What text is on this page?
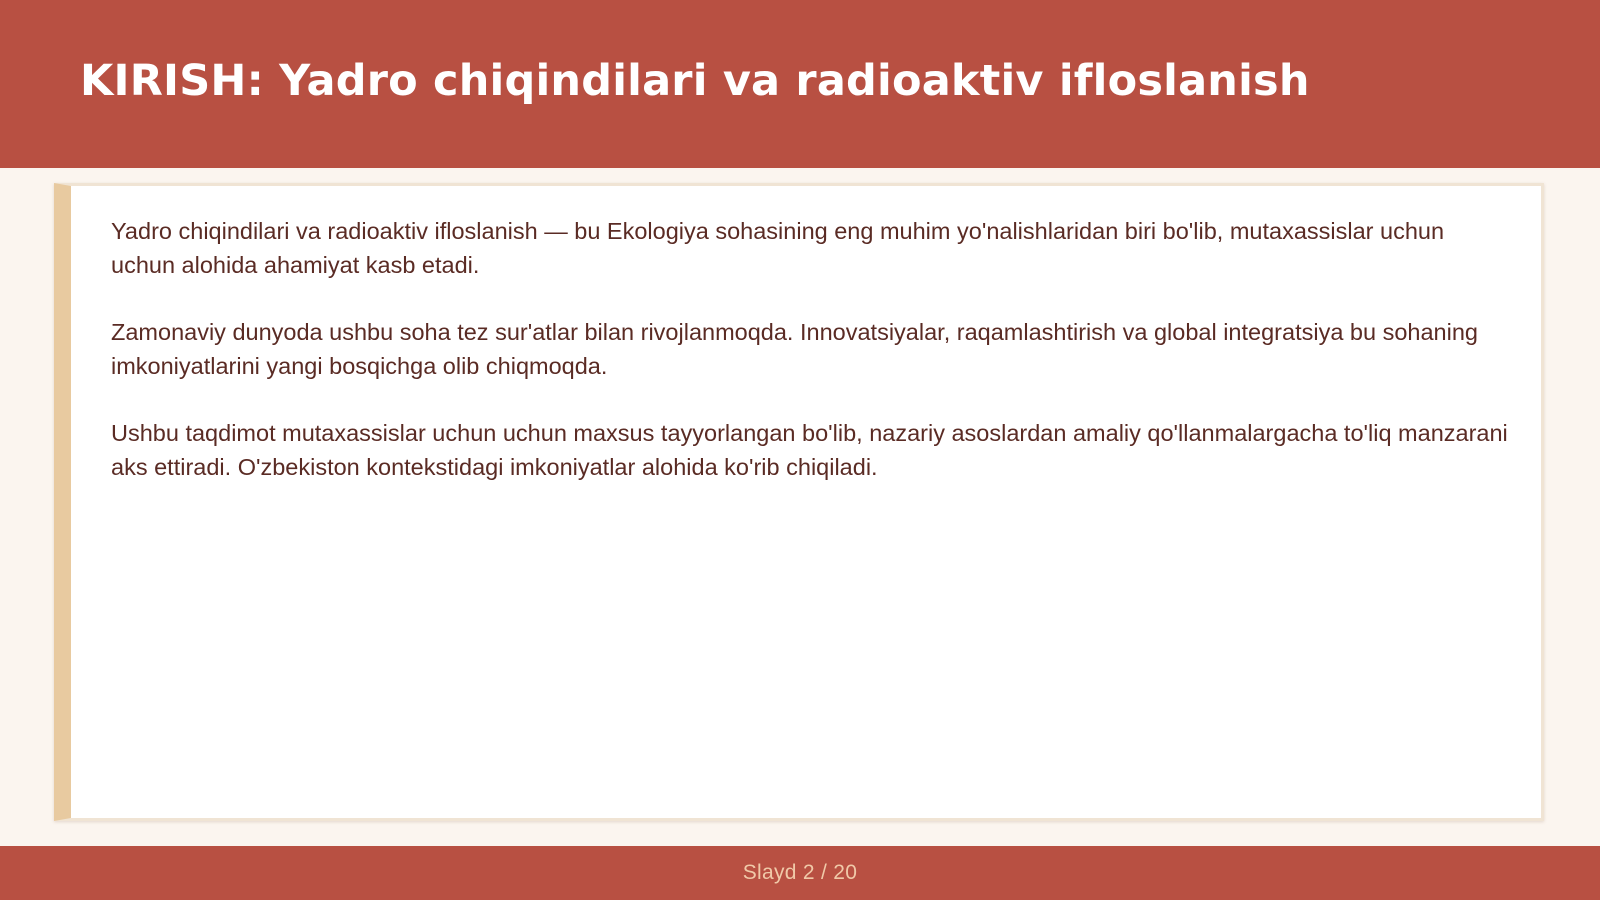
KIRISH: Yadro chiqindilari va radioaktiv ifloslanish

Yadro chiqindilari va radioaktiv ifloslanish — bu Ekologiya sohasining eng muhim yo'nalishlaridan biri bo'lib, mutaxassislar uchun uchun alohida ahamiyat kasb etadi.

Zamonaviy dunyoda ushbu soha tez sur'atlar bilan rivojlanmoqda. Innovatsiyalar, raqamlashtirish va global integratsiya bu sohaning imkoniyatlarini yangi bosqichga olib chiqmoqda.

Ushbu taqdimot mutaxassislar uchun uchun maxsus tayyorlangan bo'lib, nazariy asoslardan amaliy qo'llanmalargacha to'liq manzarani aks ettiradi. O'zbekiston kontekstidagi imkoniyatlar alohida ko'rib chiqiladi.

Slayd 2 / 20
